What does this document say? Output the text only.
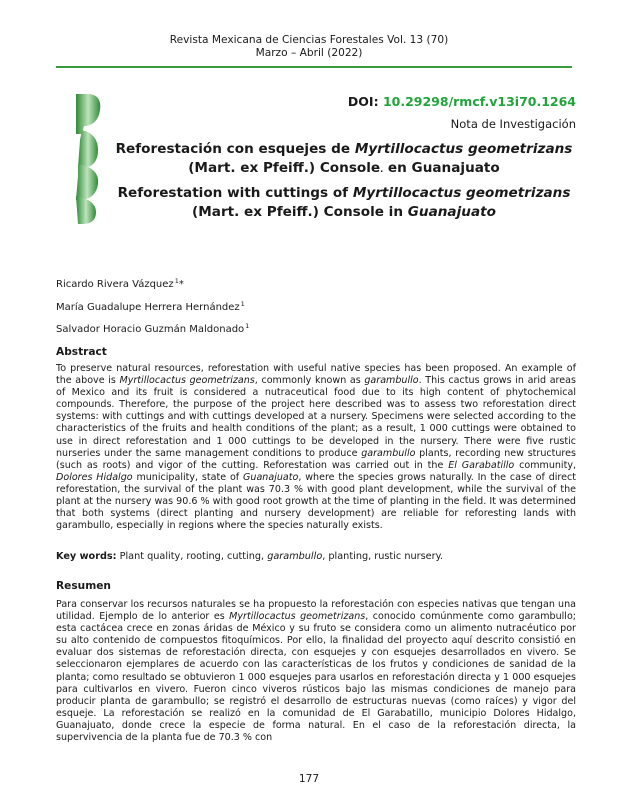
Revista Mexicana de Ciencias Forestales Vol. 13 (70)
Marzo – Abril (2022)
DOI: 10.29298/rmcf.v13i70.1264
Nota de Investigación
Reforestación con esquejes de Myrtillocactus geometrizans (Mart. ex Pfeiff.) Console. en Guanajuato
Reforestation with cuttings of Myrtillocactus geometrizans (Mart. ex Pfeiff.) Console in Guanajuato
Ricardo Rivera Vázquez$^1$*
María Guadalupe Herrera Hernández$^1$
Salvador Horacio Guzmán Maldonado$^1$
Abstract
To preserve natural resources, reforestation with useful native species has been proposed. An example of the above is Myrtillocactus geometrizans, commonly known as garambullo. This cactus grows in arid areas of Mexico and its fruit is considered a nutraceutical food due to its high content of phytochemical compounds. Therefore, the purpose of the project here described was to assess two reforestation direct systems: with cuttings and with cuttings developed at a nursery. Specimens were selected according to the characteristics of the fruits and health conditions of the plant; as a result, 1 000 cuttings were obtained to use in direct reforestation and 1 000 cuttings to be developed in the nursery. There were five rustic nurseries under the same management conditions to produce garambullo plants, recording new structures (such as roots) and vigor of the cutting. Reforestation was carried out in the El Garabatillo community, Dolores Hidalgo municipality, state of Guanajuato, where the species grows naturally. In the case of direct reforestation, the survival of the plant was 70.3 % with good plant development, while the survival of the plant at the nursery was 90.6 % with good root growth at the time of planting in the field. It was determined that both systems (direct planting and nursery development) are reliable for reforesting lands with garambullo, especially in regions where the species naturally exists.
Key words: Plant quality, rooting, cutting, garambullo, planting, rustic nursery.
Resumen
Para conservar los recursos naturales se ha propuesto la reforestación con especies nativas que tengan una utilidad. Ejemplo de lo anterior es Myrtillocactus geometrizans, conocido comúnmente como garambullo; esta cactácea crece en zonas áridas de México y su fruto se considera como un alimento nutracéutico por su alto contenido de compuestos fitoquímicos. Por ello, la finalidad del proyecto aquí descrito consistió en evaluar dos sistemas de reforestación directa, con esquejes y con esquejes desarrollados en vivero. Se seleccionaron ejemplares de acuerdo con las características de los frutos y condiciones de sanidad de la planta; como resultado se obtuvieron 1 000 esquejes para usarlos en reforestación directa y 1 000 esquejes para cultivarlos en vivero. Fueron cinco viveros rústicos bajo las mismas condiciones de manejo para producir planta de garambullo; se registró el desarrollo de estructuras nuevas (como raíces) y vigor del esqueje. La reforestación se realizó en la comunidad de El Garabatillo, municipio Dolores Hidalgo, Guanajuato, donde crece la especie de forma natural. En el caso de la reforestación directa, la supervivencia de la planta fue de 70.3 % con
177
